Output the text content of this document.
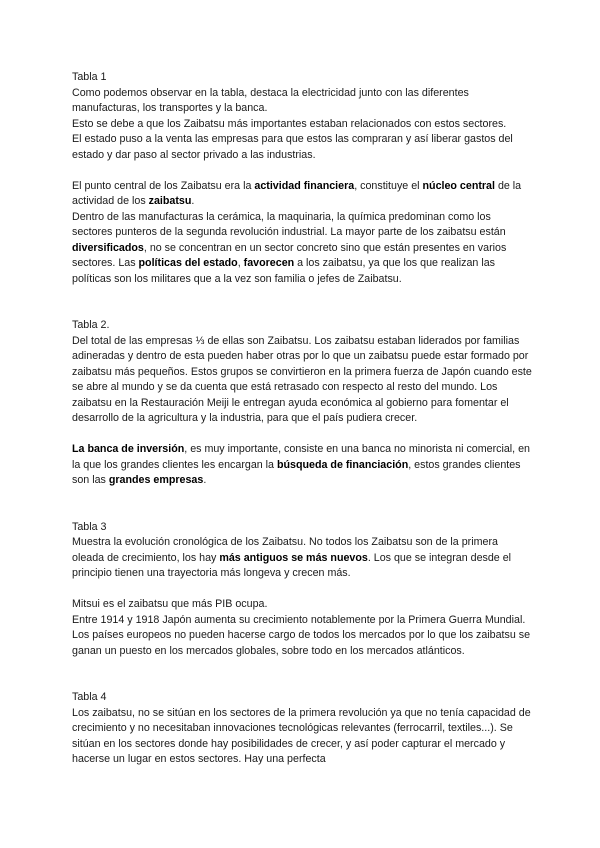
Tabla 1

Como podemos observar en la tabla, destaca la electricidad junto con las diferentes manufacturas, los transportes y la banca.

Esto se debe a que los Zaibatsu más importantes estaban relacionados con estos sectores.

El estado puso a la venta las empresas para que estos las compraran y así liberar gastos del estado y dar paso al sector privado a las industrias.

El punto central de los Zaibatsu era la actividad financiera, constituye el núcleo central de la actividad de los zaibatsu.

Dentro de las manufacturas la cerámica, la maquinaria, la química predominan como los sectores punteros de la segunda revolución industrial. La mayor parte de los zaibatsu están diversificados, no se concentran en un sector concreto sino que están presentes en varios sectores. Las políticas del estado, favorecen a los zaibatsu, ya que los que realizan las políticas son los militares que a la vez son familia o jefes de Zaibatsu.

Tabla 2.

Del total de las empresas ⅓ de ellas son Zaibatsu. Los zaibatsu estaban liderados por familias adineradas y dentro de esta pueden haber otras por lo que un zaibatsu puede estar formado por zaibatsu más pequeños. Estos grupos se convirtieron en la primera fuerza de Japón cuando este se abre al mundo y se da cuenta que está retrasado con respecto al resto del mundo. Los zaibatsu en la Restauración Meiji le entregan ayuda económica al gobierno para fomentar el desarrollo de la agricultura y la industria, para que el país pudiera crecer.

La banca de inversión, es muy importante, consiste en una banca no minorista ni comercial, en la que los grandes clientes les encargan la búsqueda de financiación, estos grandes clientes son las grandes empresas.

Tabla 3

Muestra la evolución cronológica de los Zaibatsu. No todos los Zaibatsu son de la primera oleada de crecimiento, los hay más antiguos se más nuevos. Los que se integran desde el principio tienen una trayectoria más longeva y crecen más.

Mitsui es el zaibatsu que más PIB ocupa.

Entre 1914 y 1918 Japón aumenta su crecimiento notablemente por la Primera Guerra Mundial. Los países europeos no pueden hacerse cargo de todos los mercados por lo que los zaibatsu se ganan un puesto en los mercados globales, sobre todo en los mercados atlánticos.

Tabla 4

Los zaibatsu, no se sitúan en los sectores de la primera revolución ya que no tenía capacidad de crecimiento y no necesitaban innovaciones tecnológicas relevantes (ferrocarril, textiles...). Se sitúan en los sectores donde hay posibilidades de crecer, y así poder capturar el mercado y hacerse un lugar en estos sectores. Hay una perfecta
